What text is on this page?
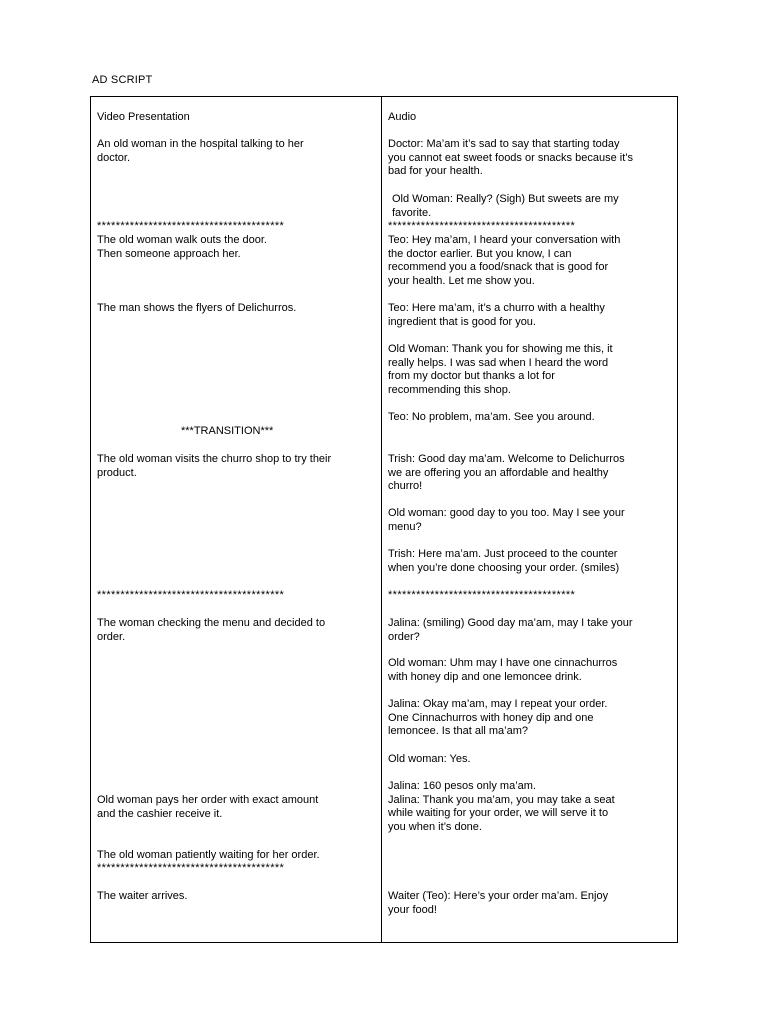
AD SCRIPT
Video Presentation
An old woman in the hospital talking to her
doctor.
****************************************
The old woman walk outs the door.
Then someone approach her.
The man shows the flyers of Delichurros.
***TRANSITION***
The old woman visits the churro shop to try their
product.
****************************************
The woman checking the menu and decided to
order.
Old woman pays her order with exact amount
and the cashier receive it.
The old woman patiently waiting for her order.
****************************************
The waiter arrives.
Audio
Doctor: Ma’am it’s sad to say that starting today
you cannot eat sweet foods or snacks because it’s
bad for your health.
Old Woman: Really? (Sigh) But sweets are my
favorite.
****************************************
Teo: Hey ma’am, I heard your conversation with
the doctor earlier. But you know, I can
recommend you a food/snack that is good for
your health. Let me show you.
Teo: Here ma’am, it’s a churro with a healthy
ingredient that is good for you.
Old Woman: Thank you for showing me this, it
really helps. I was sad when I heard the word
from my doctor but thanks a lot for
recommending this shop.
Teo: No problem, ma’am. See you around.
Trish: Good day ma’am. Welcome to Delichurros
we are offering you an affordable and healthy
churro!
Old woman: good day to you too. May I see your
menu?
Trish: Here ma’am. Just proceed to the counter
when you’re done choosing your order. (smiles)
****************************************
Jalina: (smiling) Good day ma’am, may I take your
order?
Old woman: Uhm may I have one cinnachurros
with honey dip and one lemoncee drink.
Jalina: Okay ma’am, may I repeat your order.
One Cinnachurros with honey dip and one
lemoncee. Is that all ma’am?
Old woman: Yes.
Jalina: 160 pesos only ma’am.
Jalina: Thank you ma’am, you may take a seat
while waiting for your order, we will serve it to
you when it’s done.
Waiter (Teo): Here’s your order ma’am. Enjoy
your food!
